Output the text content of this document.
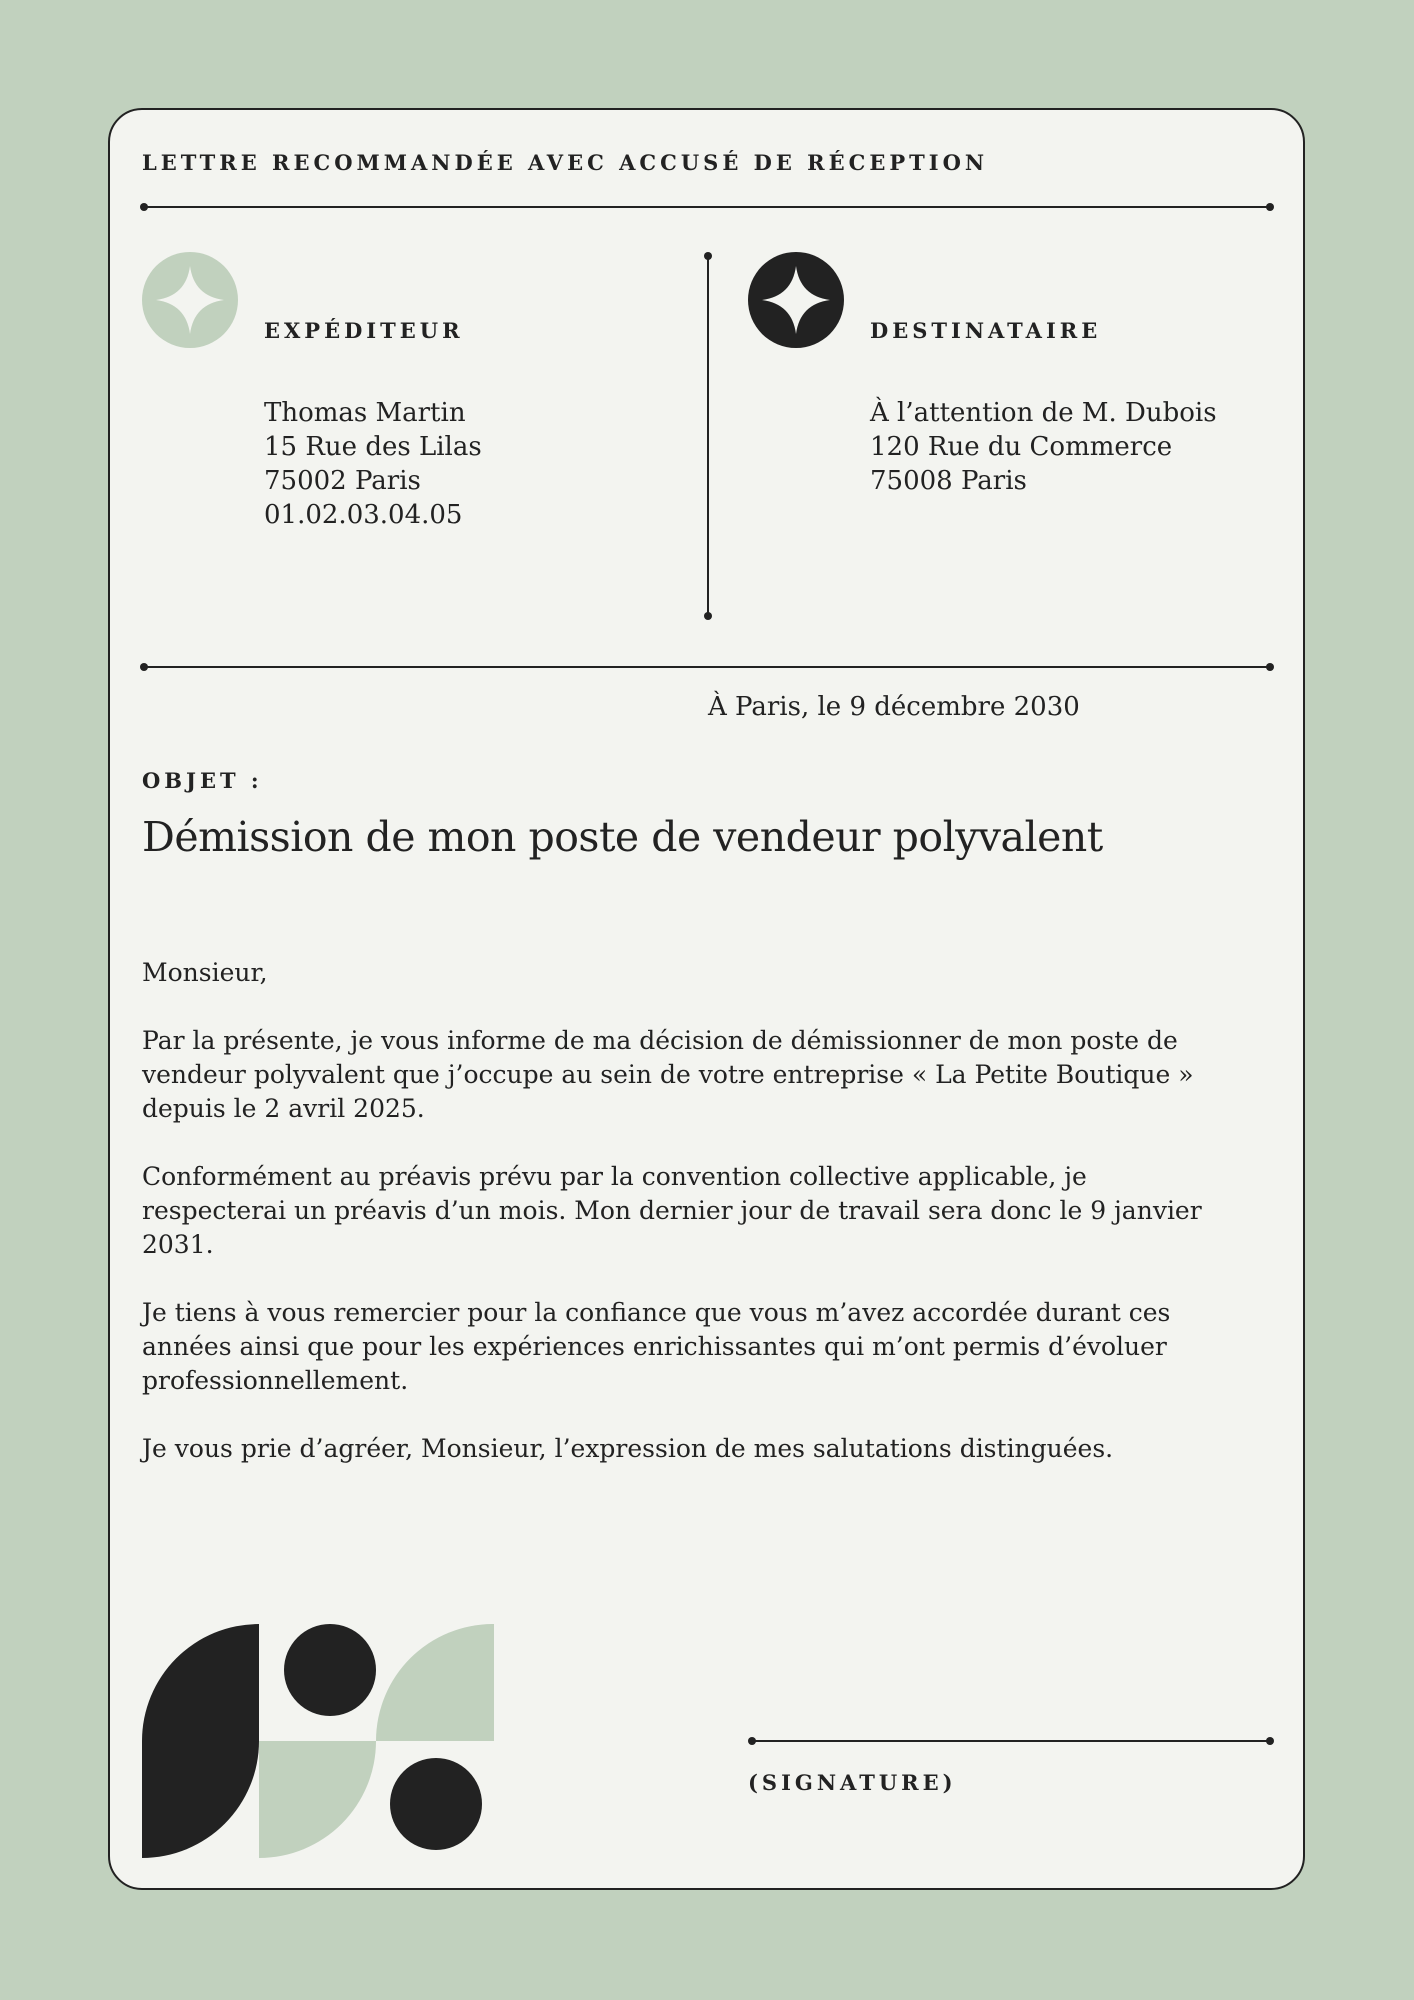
LETTRE RECOMMANDÉE AVEC ACCUSÉ DE RÉCEPTION
EXPÉDITEUR
Thomas Martin
15 Rue des Lilas
75002 Paris
01.02.03.04.05
DESTINATAIRE
À l’attention de M. Dubois
120 Rue du Commerce
75008 Paris
À Paris, le 9 décembre 2030
OBJET :
Démission de mon poste de vendeur polyvalent

Monsieur,

Par la présente, je vous informe de ma décision de démissionner de mon poste de vendeur polyvalent que j’occupe au sein de votre entreprise « La Petite Boutique » depuis le 2 avril 2025.

Conformément au préavis prévu par la convention collective applicable, je respecterai un préavis d’un mois. Mon dernier jour de travail sera donc le 9 janvier 2031.

Je tiens à vous remercier pour la confiance que vous m’avez accordée durant ces années ainsi que pour les expériences enrichissantes qui m’ont permis d’évoluer professionnellement.

Je vous prie d’agréer, Monsieur, l’expression de mes salutations distinguées.

(SIGNATURE)
